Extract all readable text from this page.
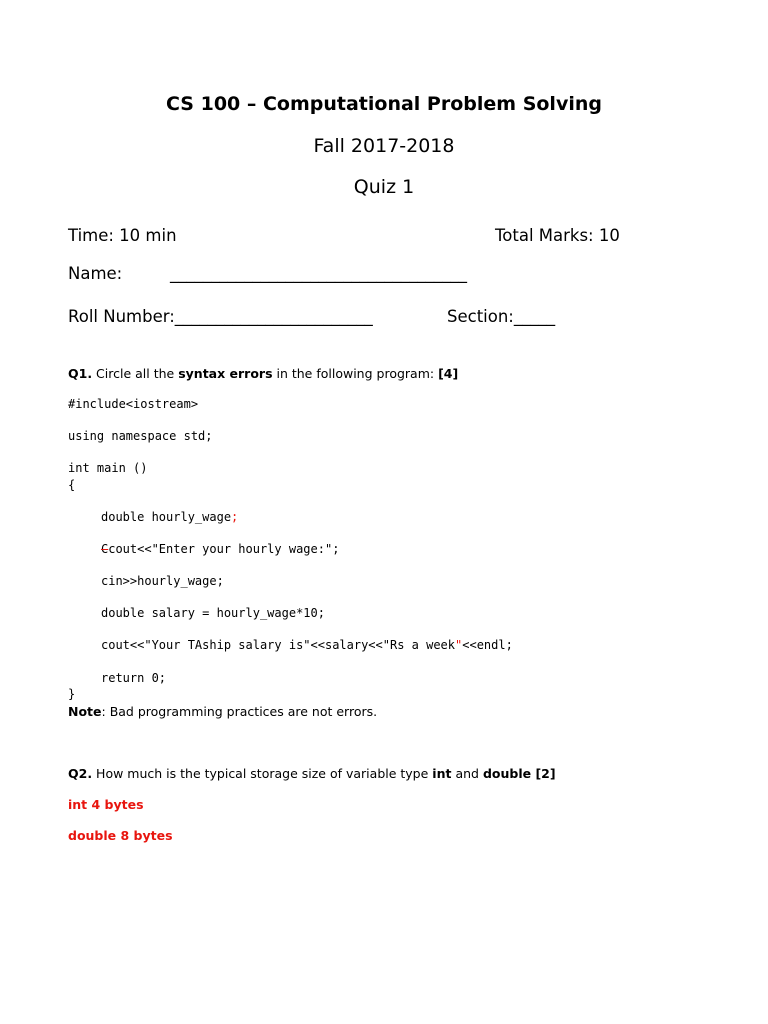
CS 100 – Computational Problem Solving
Fall 2017-2018
Quiz 1
Time: 10 min	Total Marks: 10
Name:	____________________________________
Roll Number:________________________	Section:_____
Q1. Circle all the syntax errors in the following program: [4]
#include<iostream>
using namespace std;
int main ()
{
double hourly_wage;
Ccout<<"Enter your hourly wage:";
cin>>hourly_wage;
double salary = hourly_wage*10;
cout<<"Your TAship salary is"<<salary<<"Rs a week"<<endl;
return 0;
}
Note: Bad programming practices are not errors.
Q2. How much is the typical storage size of variable type int and double [2]
int 4 bytes
double 8 bytes
